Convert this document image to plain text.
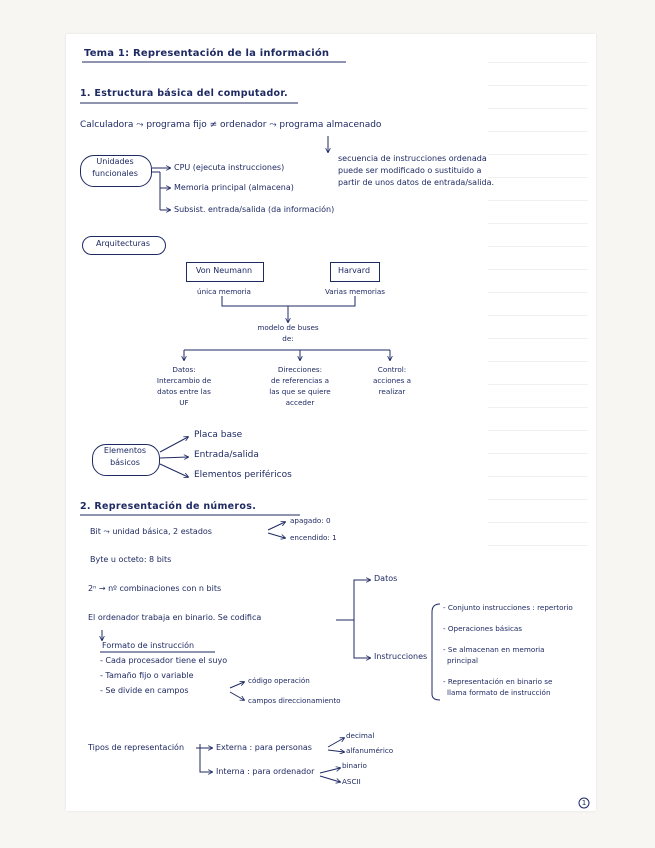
Tema 1: Representación de la información
1. Estructura básica del computador.
Calculadora ⤳ programa fijo ≠ ordenador ⤳ programa almacenado
secuencia de instrucciones ordenada
puede ser modificado o sustituido a
partir de unos datos de entrada/salida.
Unidades
funcionales
CPU (ejecuta instrucciones)
Memoria principal (almacena)
Subsist. entrada/salida (da información)
Arquitecturas
Von Neumann
única memoria
Harvard
Varias memorias
modelo de buses
de:
Datos:
Intercambio de
datos entre las
UF
Direcciones:
de referencias a
las que se quiere
acceder
Control:
acciones a
realizar
Elementos
básicos
Placa base
Entrada/salida
Elementos periféricos
2. Representación de números.
Bit ⤳ unidad básica, 2 estados
apagado: 0
encendido: 1
Byte u octeto: 8 bits
2ⁿ → nº combinaciones con n bits
El ordenador trabaja en binario. Se codifica
Datos
Instrucciones
- Conjunto instrucciones : repertorio
- Operaciones básicas
- Se almacenan en memoria
principal
- Representación en binario se
llama formato de instrucción
Formato de instrucción
- Cada procesador tiene el suyo
- Tamaño fijo o variable
- Se divide en campos
código operación
campos direccionamiento
Tipos de representación	Externa : para personas
decimal
alfanumérico
Interna : para ordenador
binario
ASCII
1
